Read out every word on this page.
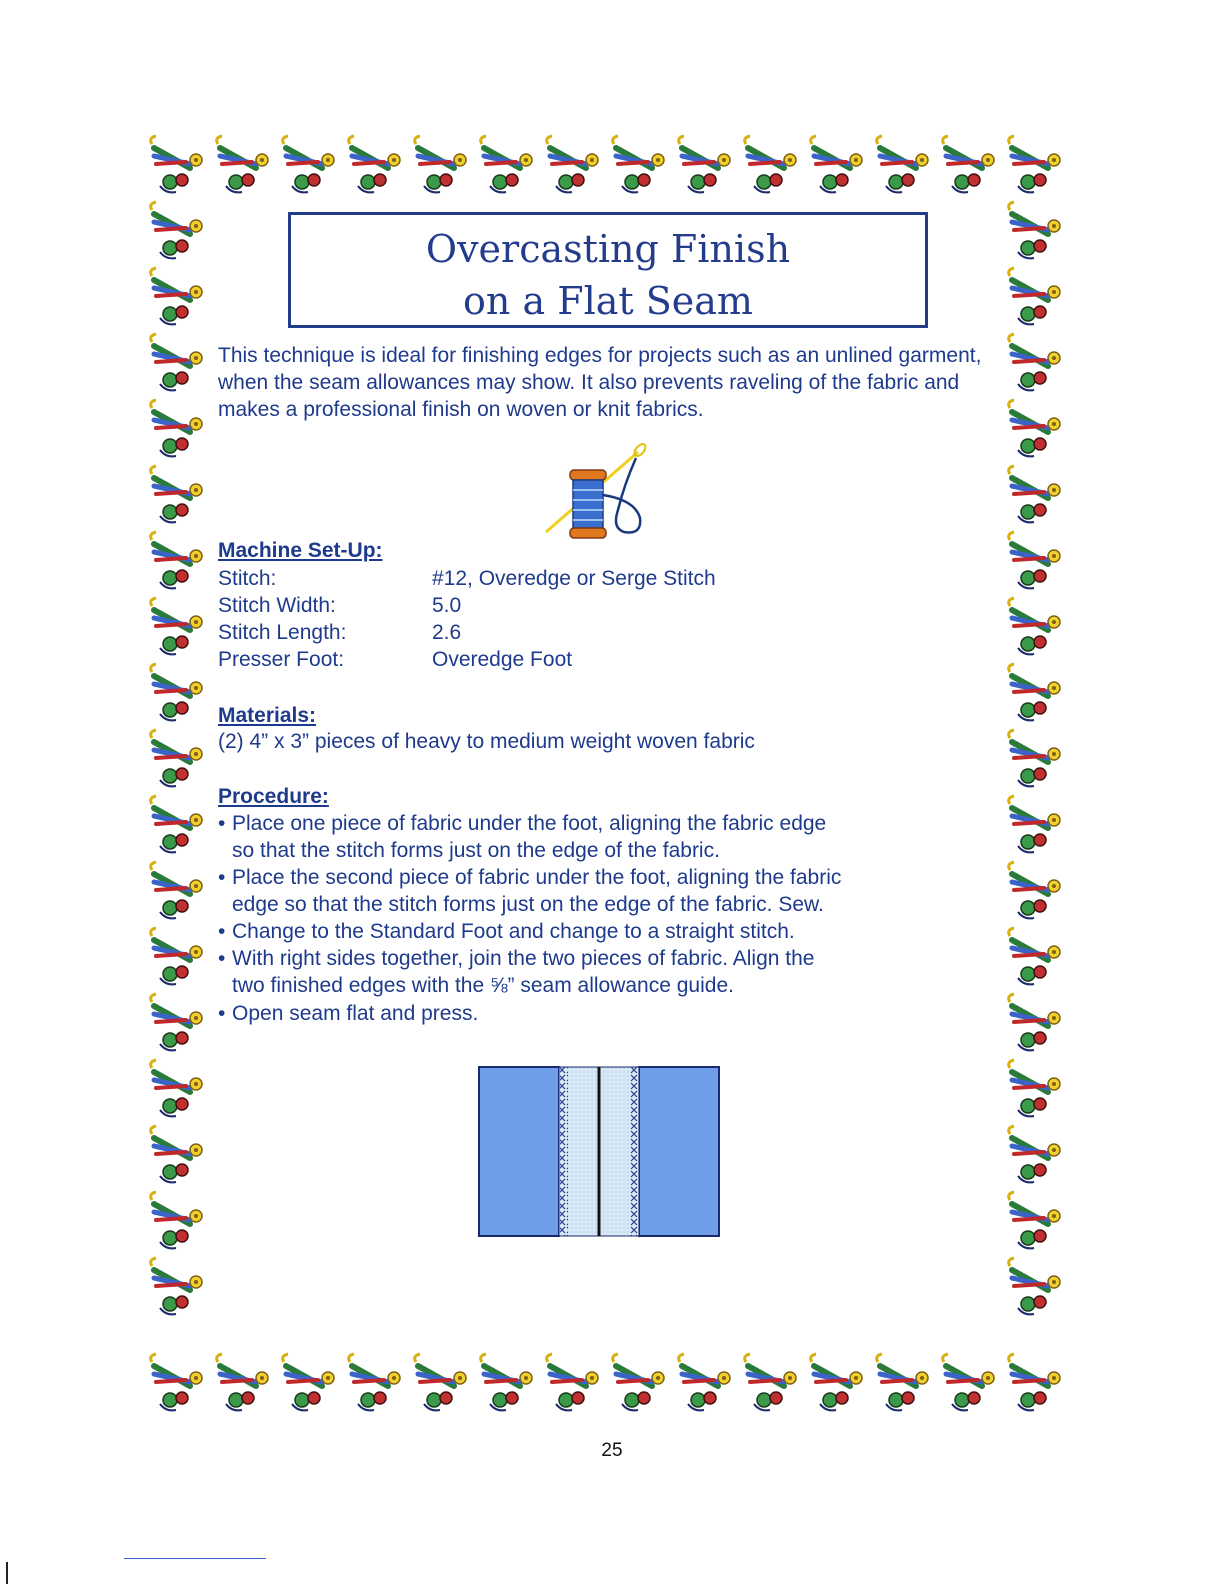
Overcasting Finish
on a Flat Seam
This technique is ideal for finishing edges for projects such as an unlined garment, when the seam allowances may show. It also prevents raveling of the fabric and makes a professional finish on woven or knit fabrics.
Machine Set-Up:
Stitch:	#12, Overedge or Serge Stitch
Stitch Width:	5.0
Stitch Length:	2.6
Presser Foot:	Overedge Foot
Materials:
(2) 4” x 3” pieces of heavy to medium weight woven fabric
Procedure:
• Place one piece of fabric under the foot, aligning the fabric edge
so that the stitch forms just on the edge of the fabric.
• Place the second piece of fabric under the foot, aligning the fabric
edge so that the stitch forms just on the edge of the fabric. Sew.
• Change to the Standard Foot and change to a straight stitch.
• With right sides together, join the two pieces of fabric. Align the
two finished edges with the ⅝” seam allowance guide.
• Open seam flat and press.
25
